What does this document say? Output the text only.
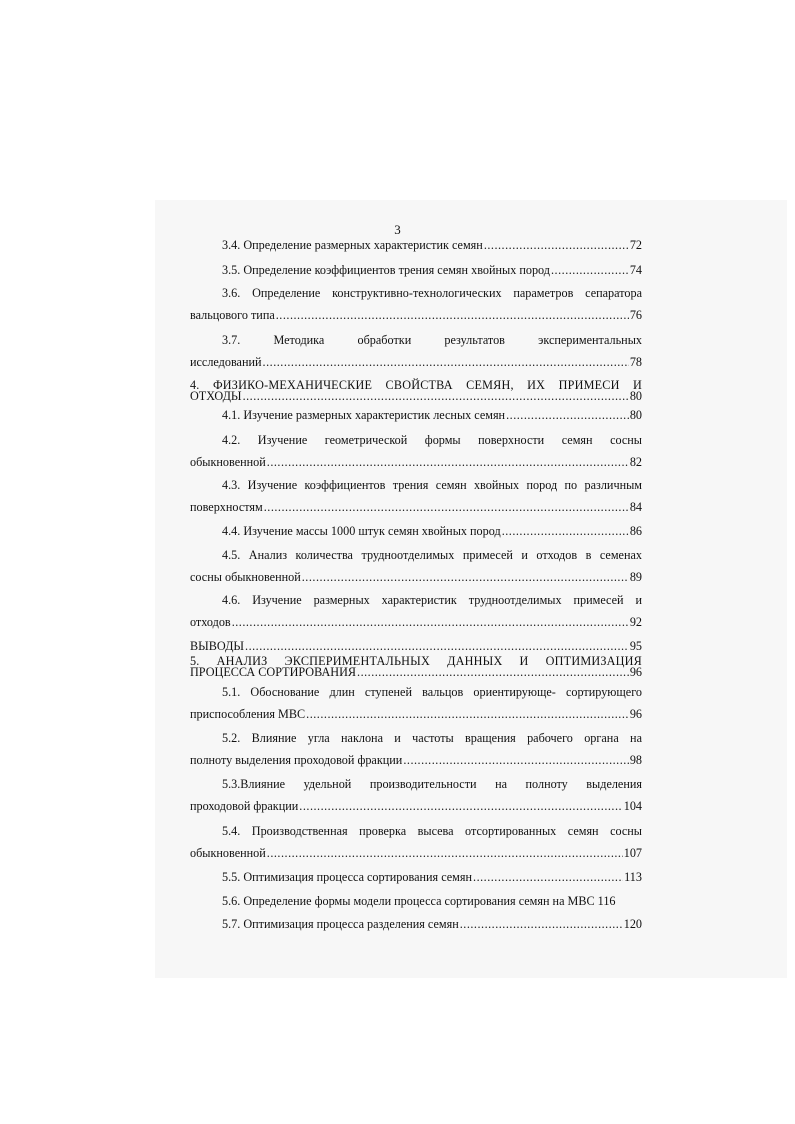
3
3.4. Определение размерных характеристик семян .....	72
3.5. Определение коэффициентов трения семян хвойных пород .....	74
3.6. Определение конструктивно-технологических параметров сепаратора
вальцового типа .....	76
3.7. Методика обработки результатов экспериментальных
исследований .....	78
4. ФИЗИКО-МЕХАНИЧЕСКИЕ СВОЙСТВА СЕМЯН, ИХ ПРИМЕСИ И
ОТХОДЫ .....	80
4.1. Изучение размерных характеристик лесных семян .....	80
4.2. Изучение геометрической формы поверхности семян сосны
обыкновенной .....	82
4.3. Изучение коэффициентов трения семян хвойных пород по различным
поверхностям .....	84
4.4. Изучение массы 1000 штук семян хвойных пород .....	86
4.5. Анализ количества трудноотделимых примесей и отходов в семенах
сосны обыкновенной .....	89
4.6. Изучение размерных характеристик трудноотделимых примесей и
отходов .....	92
ВЫВОДЫ .....	95
5. АНАЛИЗ ЭКСПЕРИМЕНТАЛЬНЫХ ДАННЫХ И ОПТИМИЗАЦИЯ
ПРОЦЕССА СОРТИРОВАНИЯ .....	96
5.1. Обоснование длин ступеней вальцов ориентирующе- сортирующего
приспособления МВС .....	96
5.2. Влияние угла наклона и частоты вращения рабочего органа на
полноту выделения проходовой фракции .....	98
5.3.Влияние удельной производительности на полноту выделения
проходовой фракции .....	104
5.4. Производственная проверка высева отсортированных семян сосны
обыкновенной .....	107
5.5. Оптимизация процесса сортирования семян .....	113
5.6. Определение формы модели процесса сортирования семян на МВС 116
5.7. Оптимизация процесса разделения семян .....	120
